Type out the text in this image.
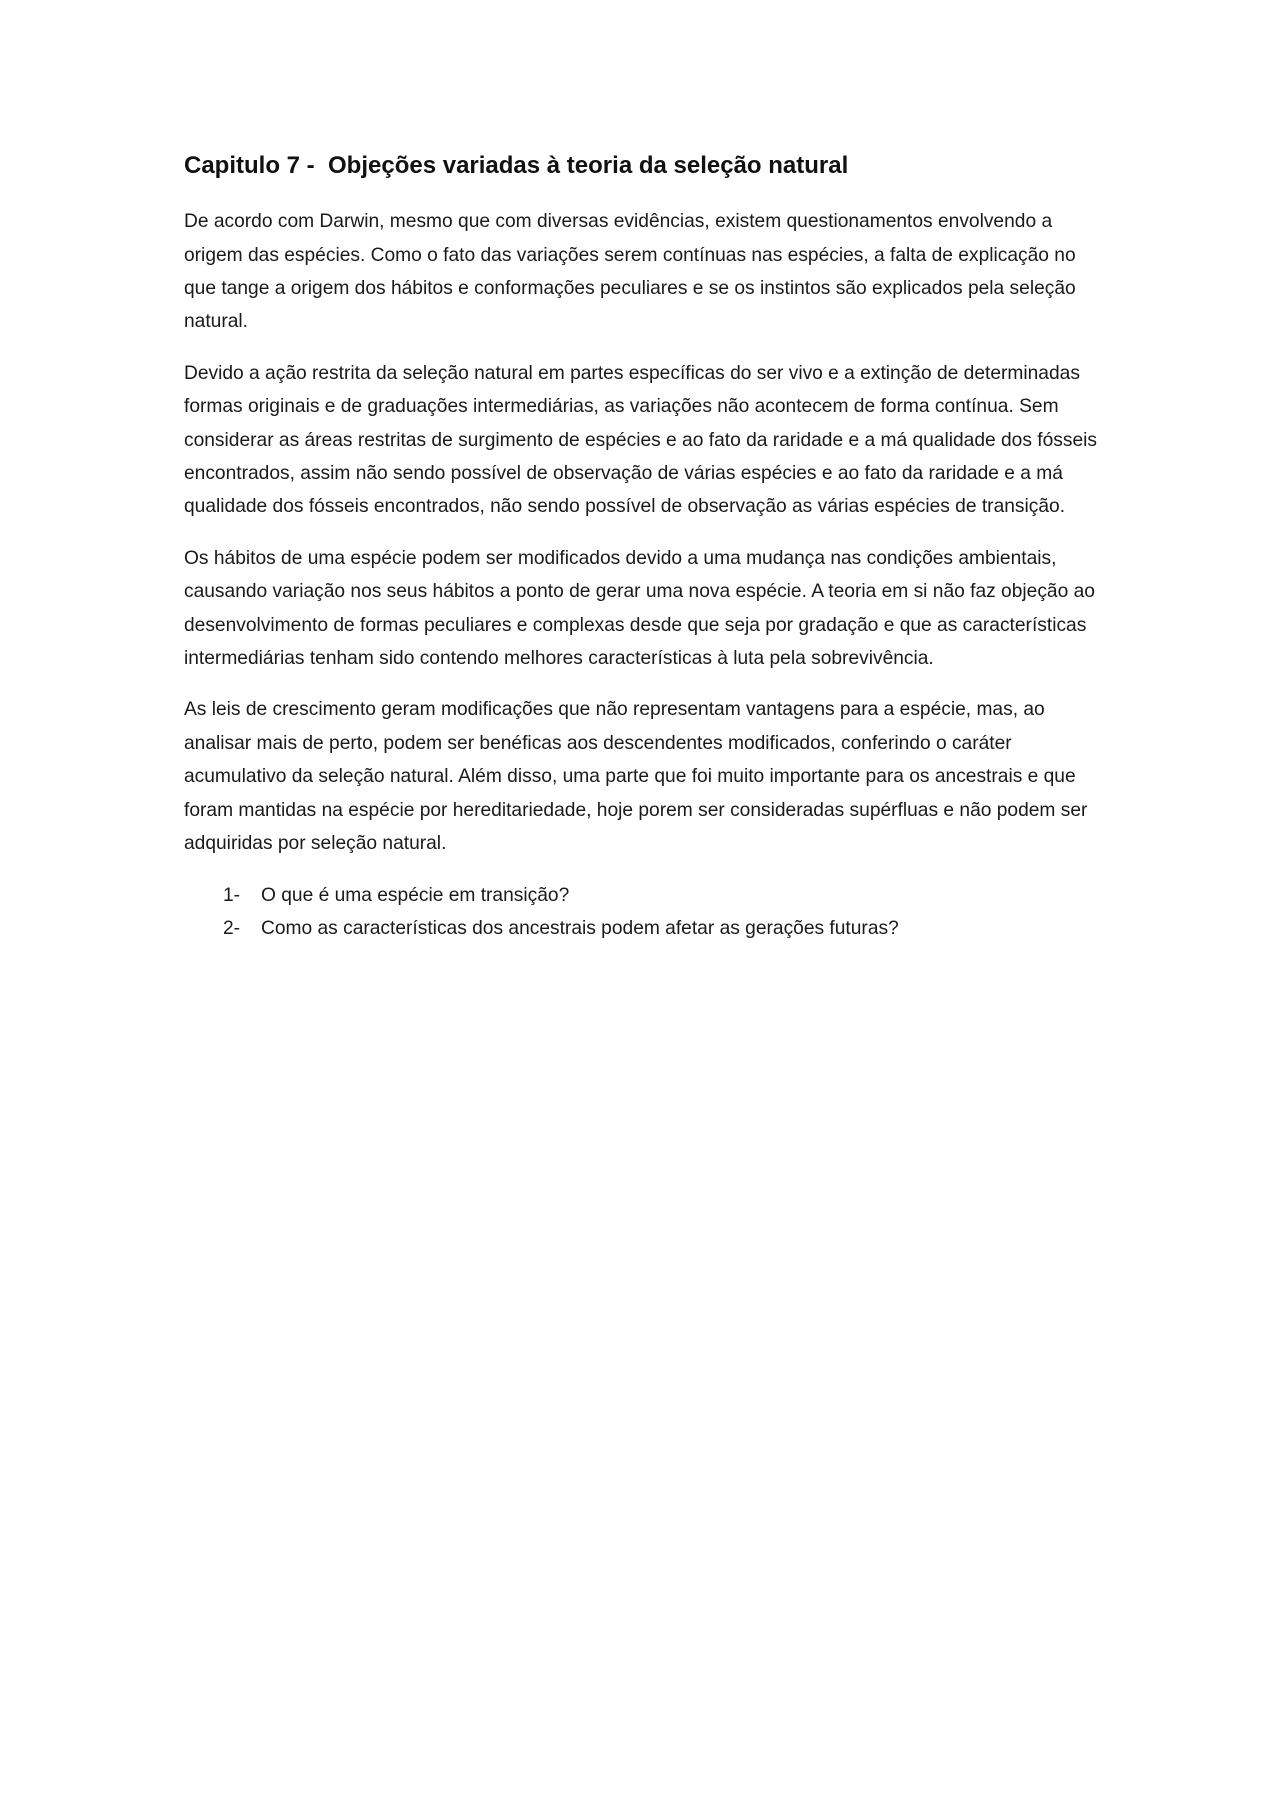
Capitulo 7 -  Objeções variadas à teoria da seleção natural

De acordo com Darwin, mesmo que com diversas evidências, existem questionamentos envolvendo a origem das espécies. Como o fato das variações serem contínuas nas espécies, a falta de explicação no que tange a origem dos hábitos e conformações peculiares e se os instintos são explicados pela seleção natural.

Devido a ação restrita da seleção natural em partes específicas do ser vivo e a extinção de determinadas formas originais e de graduações intermediárias, as variações não acontecem de forma contínua. Sem considerar as áreas restritas de surgimento de espécies e ao fato da raridade e a má qualidade dos fósseis encontrados, assim não sendo possível de observação de várias espécies e ao fato da raridade e a má qualidade dos fósseis encontrados, não sendo possível de observação as várias espécies de transição.

Os hábitos de uma espécie podem ser modificados devido a uma mudança nas condições ambientais, causando variação nos seus hábitos a ponto de gerar uma nova espécie. A teoria em si não faz objeção ao desenvolvimento de formas peculiares e complexas desde que seja por gradação e que as características intermediárias tenham sido contendo melhores características à luta pela sobrevivência.

As leis de crescimento geram modificações que não representam vantagens para a espécie, mas, ao analisar mais de perto, podem ser benéficas aos descendentes modificados, conferindo o caráter acumulativo da seleção natural. Além disso, uma parte que foi muito importante para os ancestrais e que foram mantidas na espécie por hereditariedade, hoje porem ser consideradas supérfluas e não podem ser adquiridas por seleção natural.

1-	O que é uma espécie em transição?
2-	Como as características dos ancestrais podem afetar as gerações futuras?
